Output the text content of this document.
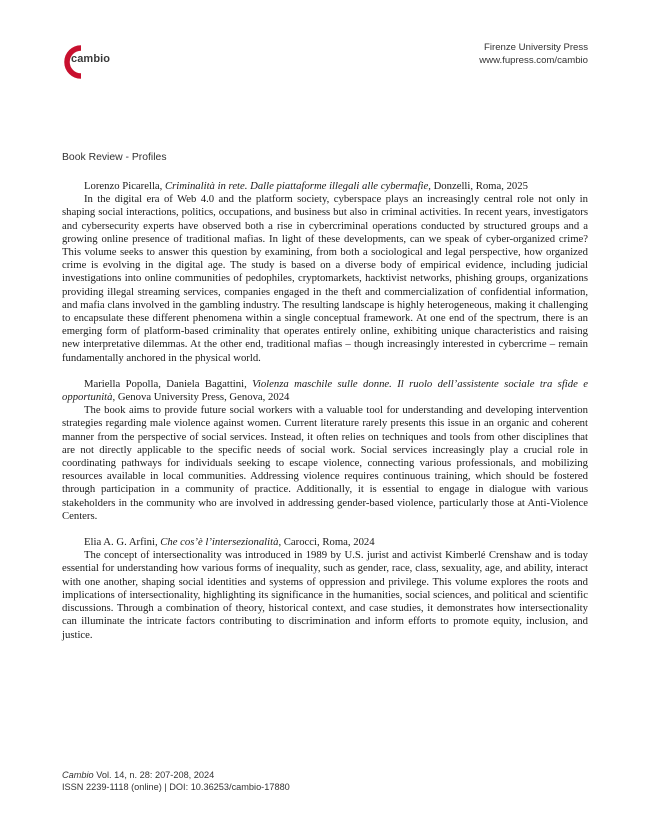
cambio
Firenze University Press
www.fupress.com/cambio
Book Review - Profiles

Lorenzo Picarella, Criminalità in rete. Dalle piattaforme illegali alle cybermafie, Donzelli, Roma, 2025

In the digital era of Web 4.0 and the platform society, cyberspace plays an increasingly central role not only in shaping social interactions, politics, occupations, and business but also in criminal activities. In recent years, investigators and cybersecurity experts have observed both a rise in cybercriminal operations conducted by structured groups and a growing online presence of traditional mafias. In light of these developments, can we speak of cyber-organized crime? This volume seeks to answer this question by examining, from both a sociological and legal perspective, how organized crime is evolving in the digital age. The study is based on a diverse body of empirical evidence, including judicial investigations into online communities of pedophiles, cryptomarkets, hacktivist networks, phishing groups, organizations providing illegal streaming services, companies engaged in the theft and commercialization of confidential information, and mafia clans involved in the gambling industry. The resulting landscape is highly heterogeneous, making it challenging to encapsulate these different phenomena within a single conceptual framework. At one end of the spectrum, there is an emerging form of platform-based criminality that operates entirely online, exhibiting unique characteristics and raising new interpretative dilemmas. At the other end, traditional mafias – though increasingly interested in cybercrime – remain fundamentally anchored in the physical world.

Mariella Popolla, Daniela Bagattini, Violenza maschile sulle donne. Il ruolo dell’assistente sociale tra sfide e opportunità, Genova University Press, Genova, 2024

The book aims to provide future social workers with a valuable tool for understanding and developing intervention strategies regarding male violence against women. Current literature rarely presents this issue in an organic and coherent manner from the perspective of social services. Instead, it often relies on techniques and tools from other disciplines that are not directly applicable to the specific needs of social work. Social services increasingly play a crucial role in coordinating pathways for individuals seeking to escape violence, connecting various professionals, and mobilizing resources available in local communities. Addressing violence requires continuous training, which should be fostered through participation in a community of practice. Additionally, it is essential to engage in dialogue with various stakeholders in the community who are involved in addressing gender-based violence, particularly those at Anti-Violence Centers.

Elia A. G. Arfini, Che cos’è l’intersezionalità, Carocci, Roma, 2024

The concept of intersectionality was introduced in 1989 by U.S. jurist and activist Kimberlé Crenshaw and is today essential for understanding how various forms of inequality, such as gender, race, class, sexuality, age, and ability, interact with one another, shaping social identities and systems of oppression and privilege. This volume explores the roots and implications of intersectionality, highlighting its significance in the humanities, social sciences, and political and scientific discussions. Through a combination of theory, historical context, and case studies, it demonstrates how intersectionality can illuminate the intricate factors contributing to discrimination and inform efforts to promote equity, inclusion, and justice.

Cambio Vol. 14, n. 28: 207-208, 2024
ISSN 2239-1118 (online) | DOI: 10.36253/cambio-17880
